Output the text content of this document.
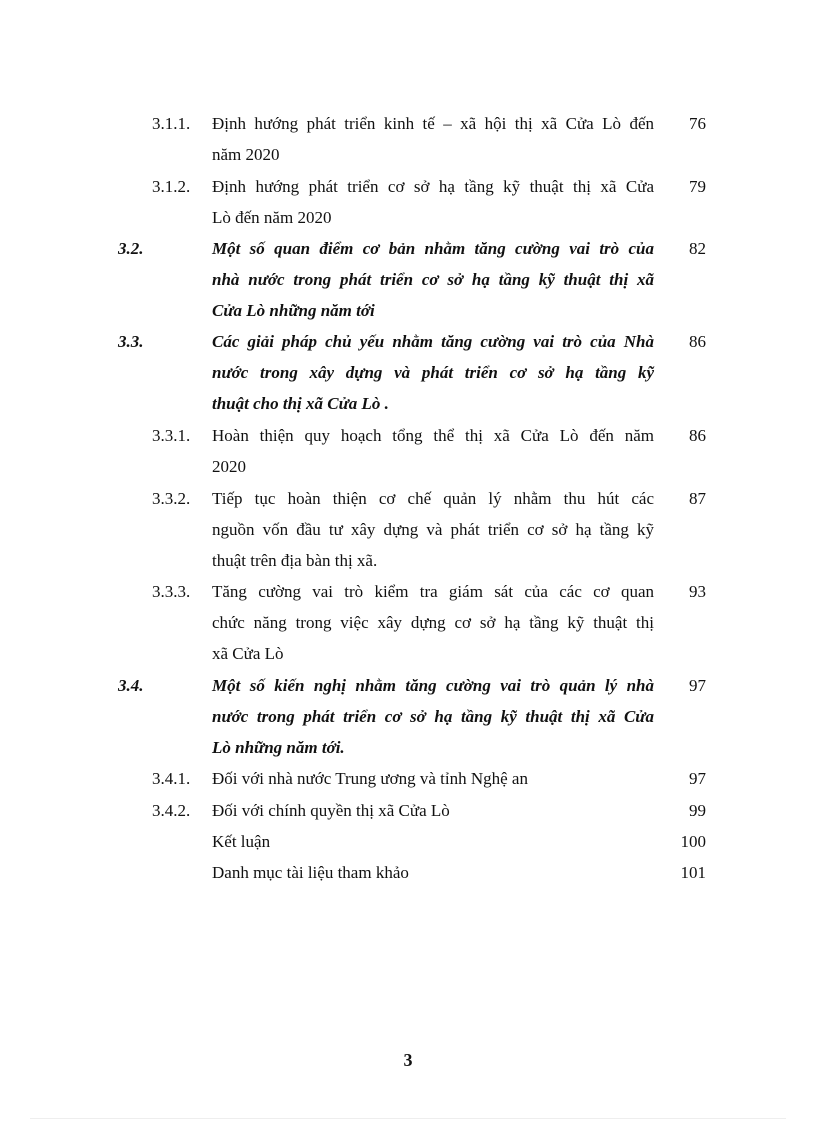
3.1.1. Định hướng phát triển kinh tế – xã hội thị xã Cửa Lò đến
năm 2020
76
3.1.2. Định hướng phát triển cơ sở hạ tầng kỹ thuật thị xã Cửa
Lò đến năm 2020
79
3.2.	Một số quan điểm cơ bản nhằm tăng cường vai trò của
nhà nước trong phát triển cơ sở hạ tầng kỹ thuật thị xã
Cửa Lò những năm tới
82
3.3.	Các giải pháp chủ yếu nhằm tăng cường vai trò của Nhà
nước trong xây dựng và phát triển cơ sở hạ tầng kỹ
thuật cho thị xã Cửa Lò .
86
3.3.1. Hoàn thiện quy hoạch tổng thể thị xã Cửa Lò đến năm
2020
86
3.3.2. Tiếp tục hoàn thiện cơ chế quản lý nhằm thu hút các
nguồn vốn đầu tư xây dựng và phát triển cơ sở hạ tầng kỹ
thuật trên địa bàn thị xã.
87
3.3.3. Tăng cường vai trò kiểm tra giám sát của các cơ quan
chức năng trong việc xây dựng cơ sở hạ tầng kỹ thuật thị
xã Cửa Lò
93
3.4.	Một số kiến nghị nhằm tăng cường vai trò quản lý nhà
nước trong phát triển cơ sở hạ tầng kỹ thuật thị xã Cửa
Lò những năm tới.
97
3.4.1. Đối với nhà nước Trung ương và tỉnh Nghệ an	97
3.4.2. Đối với chính quyền thị xã Cửa Lò	99
Kết luận	100
Danh mục tài liệu tham khảo	101
3
